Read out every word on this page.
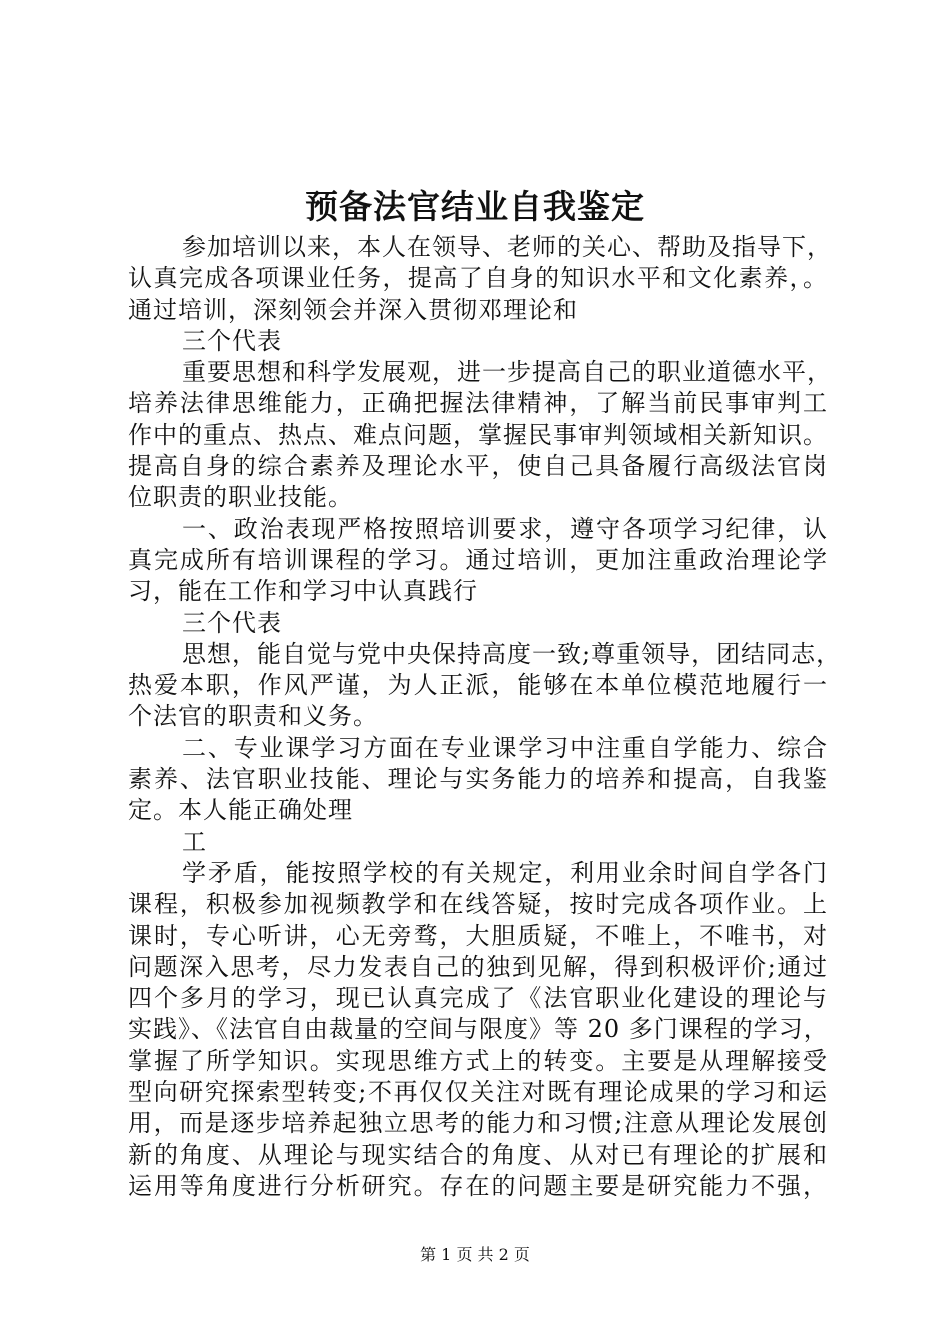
预备法官结业自我鉴定
参加培训以来，本人在领导、老师的关心、帮助及指导下，
认真完成各项课业任务，提高了自身的知识水平和文化素养，。
通过培训，深刻领会并深入贯彻邓理论和
三个代表
重要思想和科学发展观，进一步提高自己的职业道德水平，
培养法律思维能力，正确把握法律精神，了解当前民事审判工
作中的重点、热点、难点问题，掌握民事审判领域相关新知识。
提高自身的综合素养及理论水平，使自己具备履行高级法官岗
位职责的职业技能。
一、政治表现严格按照培训要求，遵守各项学习纪律，认
真完成所有培训课程的学习。通过培训，更加注重政治理论学
习，能在工作和学习中认真践行
三个代表
思想，能自觉与党中央保持高度一致;尊重领导，团结同志，
热爱本职，作风严谨，为人正派，能够在本单位模范地履行一
个法官的职责和义务。
二、专业课学习方面在专业课学习中注重自学能力、综合
素养、法官职业技能、理论与实务能力的培养和提高，自我鉴
定。本人能正确处理
工
学矛盾，能按照学校的有关规定，利用业余时间自学各门
课程，积极参加视频教学和在线答疑，按时完成各项作业。上
课时，专心听讲，心无旁骛，大胆质疑，不唯上，不唯书，对
问题深入思考，尽力发表自己的独到见解，得到积极评价;通过
四个多月的学习，现已认真完成了《法官职业化建设的理论与
实践》、《法官自由裁量的空间与限度》等 20 多门课程的学习，
掌握了所学知识。实现思维方式上的转变。主要是从理解接受
型向研究探索型转变;不再仅仅关注对既有理论成果的学习和运
用，而是逐步培养起独立思考的能力和习惯;注意从理论发展创
新的角度、从理论与现实结合的角度、从对已有理论的扩展和
运用等角度进行分析研究。存在的问题主要是研究能力不强，
第 1 页 共 2 页
